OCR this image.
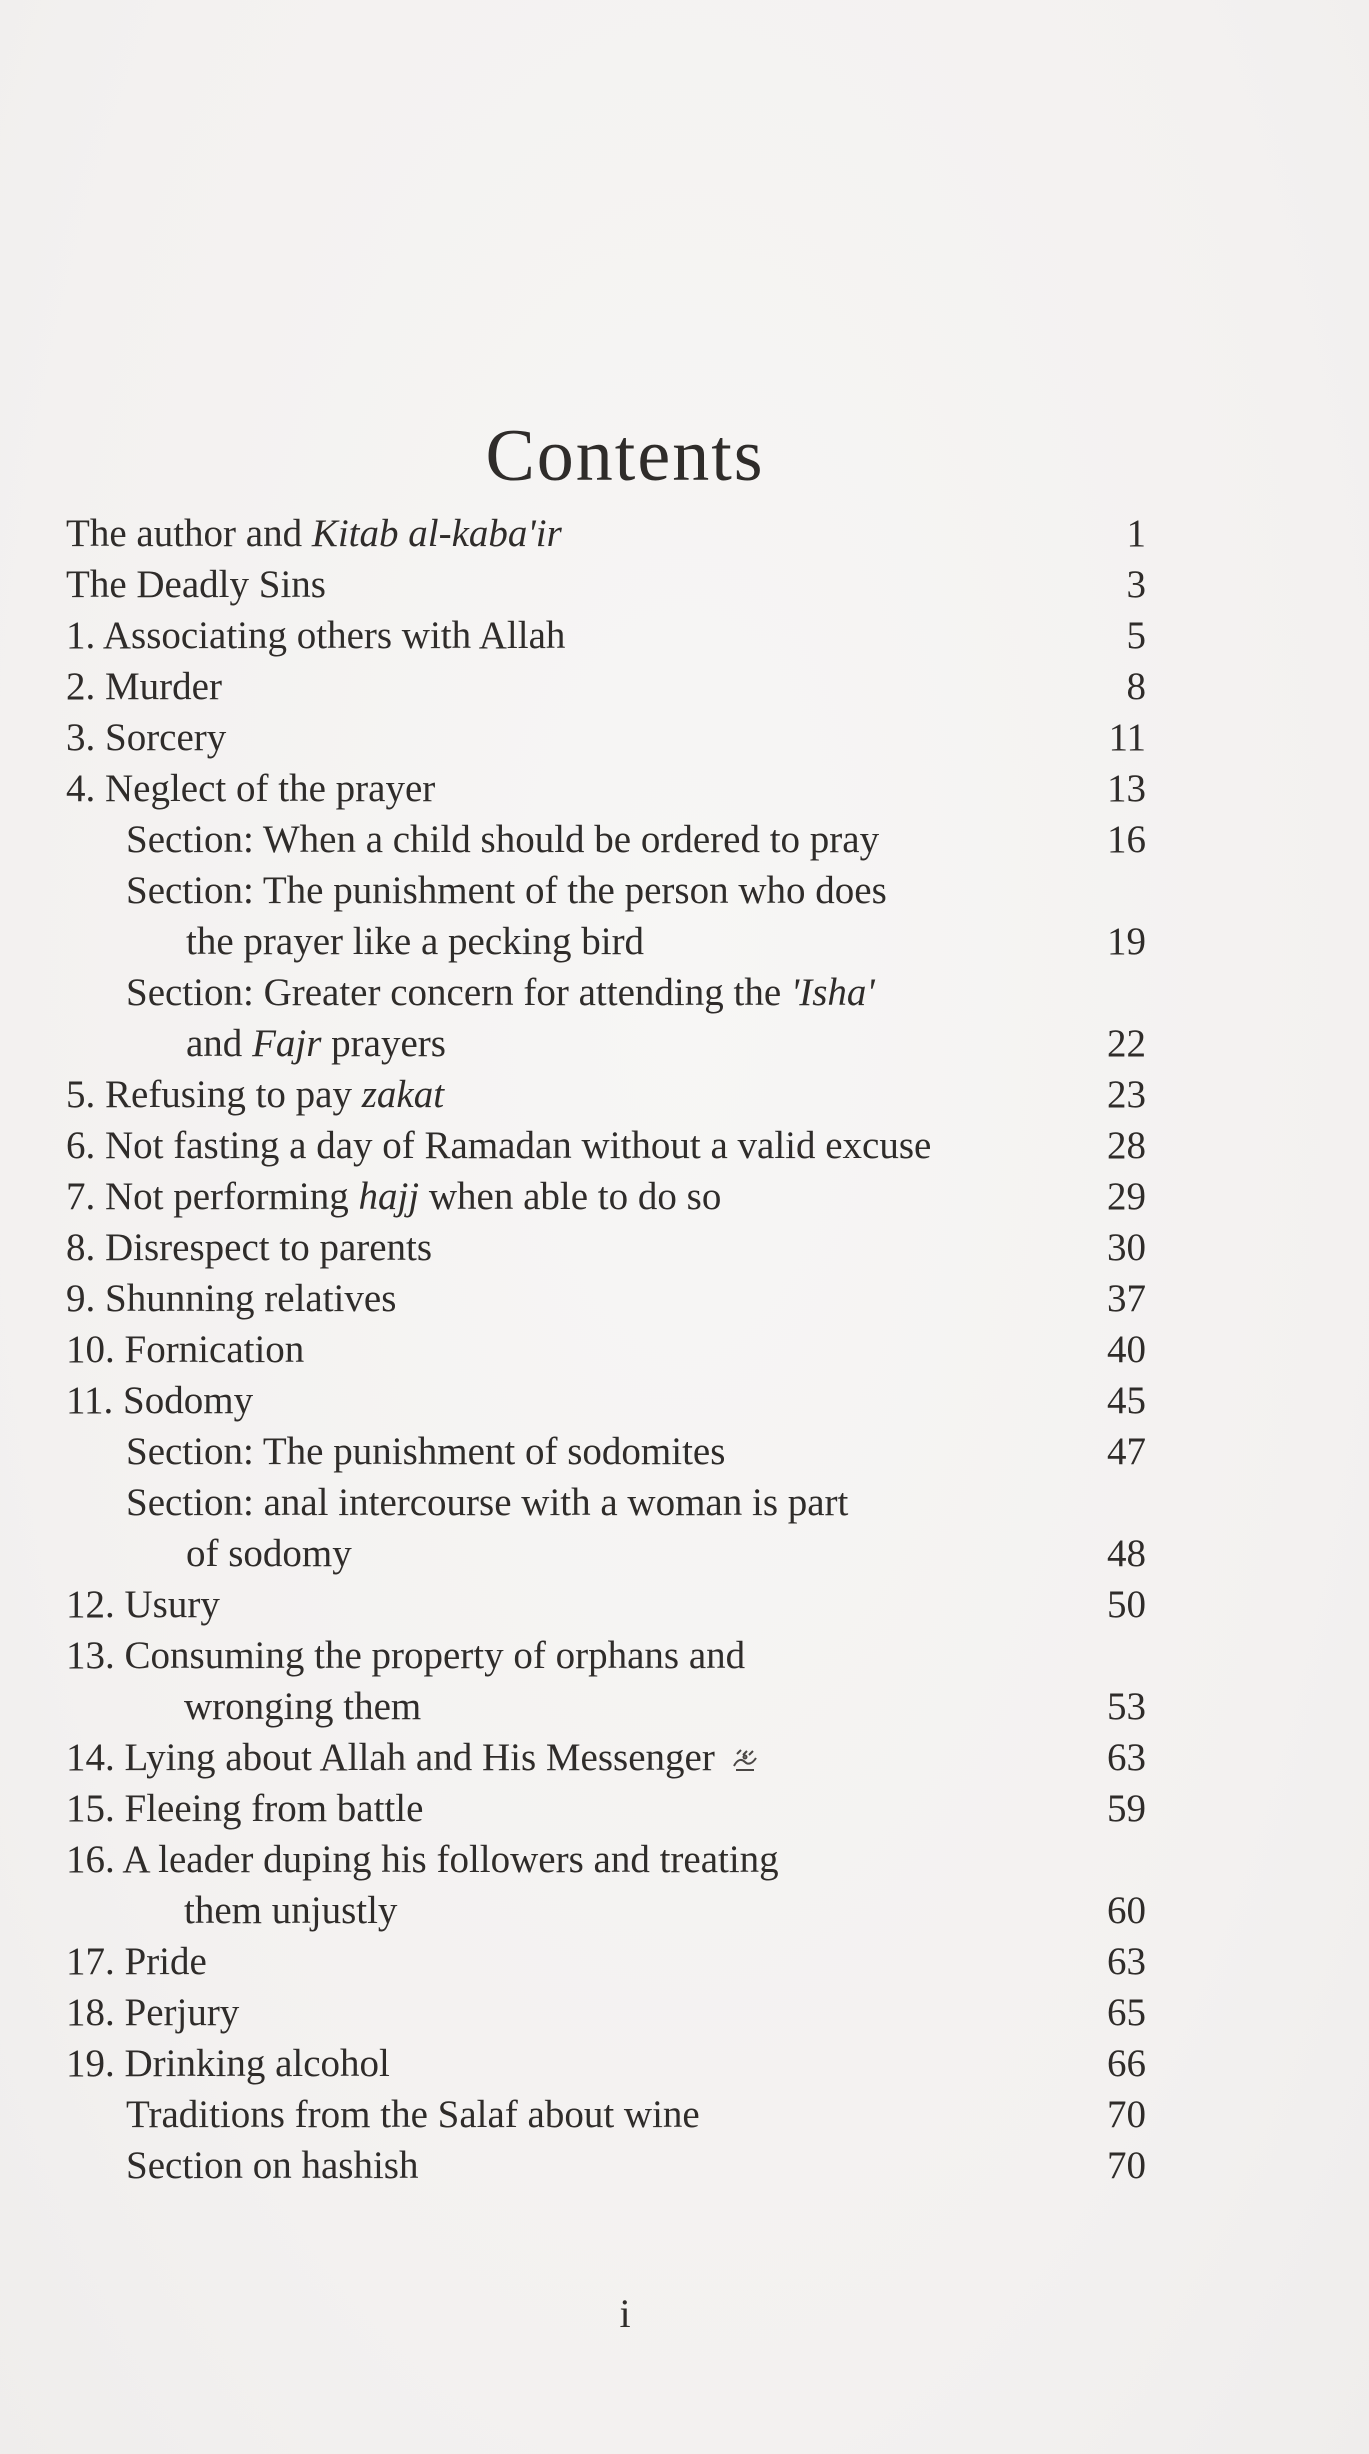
Contents
The author and Kitab al-kaba'ir	1
The Deadly Sins	3
1. Associating others with Allah	5
2. Murder	8
3. Sorcery	11
4. Neglect of the prayer	13
Section: When a child should be ordered to pray	16
Section: The punishment of the person who does
the prayer like a pecking bird	19
Section: Greater concern for attending the 'Isha'
and Fajr prayers	22
5. Refusing to pay zakat	23
6. Not fasting a day of Ramadan without a valid excuse	28
7. Not performing hajj when able to do so	29
8. Disrespect to parents	30
9. Shunning relatives	37
10. Fornication	40
11. Sodomy	45
Section: The punishment of sodomites	47
Section: anal intercourse with a woman is part
of sodomy	48
12. Usury	50
13. Consuming the property of orphans and
wronging them	53
14. Lying about Allah and His Messenger	63
15. Fleeing from battle	59
16. A leader duping his followers and treating
them unjustly	60
17. Pride	63
18. Perjury	65
19. Drinking alcohol	66
Traditions from the Salaf about wine	70
Section on hashish	70
i
